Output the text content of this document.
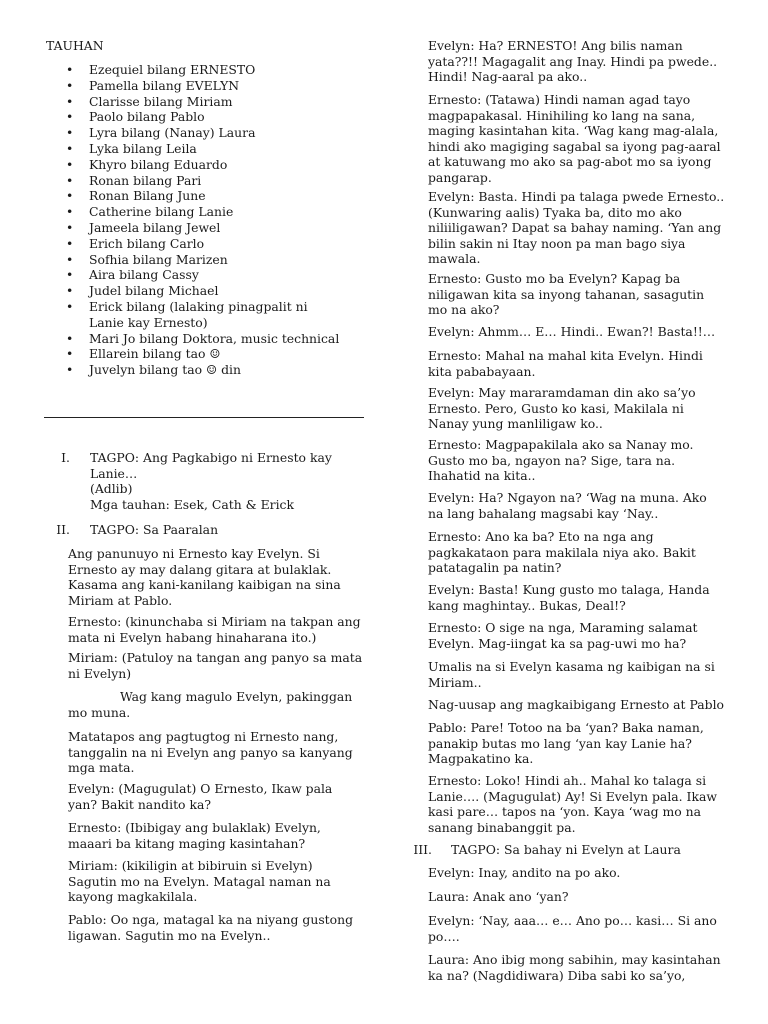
TAUHAN
• Ezequiel bilang ERNESTO
• Pamella bilang EVELYN
• Clarisse bilang Miriam
• Paolo bilang Pablo
• Lyra bilang (Nanay) Laura
• Lyka bilang Leila
• Khyro bilang Eduardo
• Ronan bilang Pari
• Ronan Bilang June
• Catherine bilang Lanie
• Jameela bilang Jewel
• Erich bilang Carlo
• Sofhia bilang Marizen
• Aira bilang Cassy
• Judel bilang Michael
• Erick bilang (lalaking pinagpalit ni Lanie kay Ernesto)
• Mari Jo bilang Doktora, music technical
• Ellarein bilang tao ☺
• Juvelyn bilang tao ☺ din
I. TAGPO: Ang Pagkabigo ni Ernesto kay Lanie…
(Adlib)
Mga tauhan: Esek, Cath & Erick
II. TAGPO: Sa Paaralan

Ang panunuyo ni Ernesto kay Evelyn. Si Ernesto ay may dalang gitara at bulaklak. Kasama ang kani-kanilang kaibigan na sina Miriam at Pablo.

Ernesto: (kinunchaba si Miriam na takpan ang mata ni Evelyn habang hinaharana ito.)

Miriam: (Patuloy na tangan ang panyo sa mata ni Evelyn)

Wag kang magulo Evelyn, pakinggan mo muna.

Matatapos ang pagtugtog ni Ernesto nang, tanggalin na ni Evelyn ang panyo sa kanyang mga mata.

Evelyn: (Magugulat) O Ernesto, Ikaw pala yan? Bakit nandito ka?

Ernesto: (Ibibigay ang bulaklak) Evelyn, maaari ba kitang maging kasintahan?

Miriam: (kikiligin at bibiruin si Evelyn) Sagutin mo na Evelyn. Matagal naman na kayong magkakilala.

Pablo: Oo nga, matagal ka na niyang gustong ligawan. Sagutin mo na Evelyn..

Evelyn: Ha? ERNESTO! Ang bilis naman yata??!! Magagalit ang Inay. Hindi pa pwede.. Hindi! Nag-aaral pa ako..

Ernesto: (Tatawa) Hindi naman agad tayo magpapakasal. Hinihiling ko lang na sana, maging kasintahan kita. ‘Wag kang mag-alala, hindi ako magiging sagabal sa iyong pag-aaral at katuwang mo ako sa pag-abot mo sa iyong pangarap.

Evelyn: Basta. Hindi pa talaga pwede Ernesto.. (Kunwaring aalis) Tyaka ba, dito mo ako niliiligawan? Dapat sa bahay naming. ‘Yan ang bilin sakin ni Itay noon pa man bago siya mawala.

Ernesto: Gusto mo ba Evelyn? Kapag ba niligawan kita sa inyong tahanan, sasagutin mo na ako?

Evelyn: Ahmm… E… Hindi.. Ewan?! Basta!!…

Ernesto: Mahal na mahal kita Evelyn. Hindi kita pababayaan.

Evelyn: May mararamdaman din ako sa’yo Ernesto. Pero, Gusto ko kasi, Makilala ni Nanay yung manliligaw ko..

Ernesto: Magpapakilala ako sa Nanay mo. Gusto mo ba, ngayon na? Sige, tara na. Ihahatid na kita..

Evelyn: Ha? Ngayon na? ‘Wag na muna. Ako na lang bahalang magsabi kay ‘Nay..

Ernesto: Ano ka ba? Eto na nga ang pagkakataon para makilala niya ako. Bakit patatagalin pa natin?

Evelyn: Basta! Kung gusto mo talaga, Handa kang maghintay.. Bukas, Deal!?

Ernesto: O sige na nga, Maraming salamat Evelyn. Mag-iingat ka sa pag-uwi mo ha?

Umalis na si Evelyn kasama ng kaibigan na si Miriam..

Nag-uusap ang magkaibigang Ernesto at Pablo

Pablo: Pare! Totoo na ba ‘yan? Baka naman, panakip butas mo lang ‘yan kay Lanie ha? Magpakatino ka.

Ernesto: Loko! Hindi ah.. Mahal ko talaga si Lanie…. (Magugulat) Ay! Si Evelyn pala. Ikaw kasi pare… tapos na ‘yon. Kaya ‘wag mo na sanang binabanggit pa.

III. TAGPO: Sa bahay ni Evelyn at Laura

Evelyn: Inay, andito na po ako.

Laura: Anak ano ‘yan?

Evelyn: ‘Nay, aaa… e… Ano po… kasi… Si ano po….

Laura: Ano ibig mong sabihin, may kasintahan ka na? (Nagdidiwara) Diba sabi ko sa’yo,
